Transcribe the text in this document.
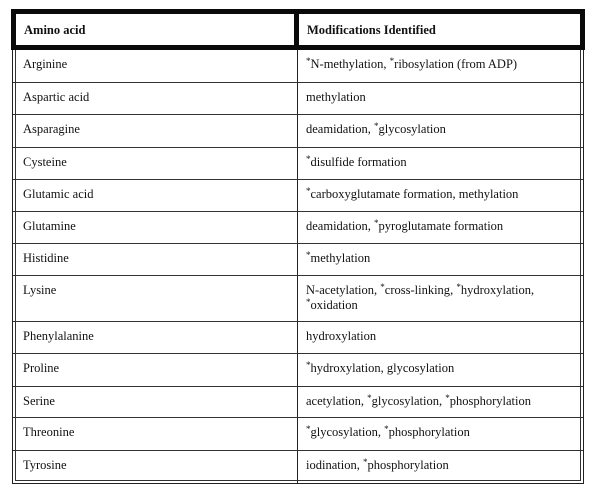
Amino acid	Modifications Identified
Arginine	*N-methylation, *ribosylation (from ADP)
Aspartic acid	methylation
Asparagine	deamidation, *glycosylation
Cysteine	*disulfide formation
Glutamic acid	*carboxyglutamate formation, methylation
Glutamine	deamidation, *pyroglutamate formation
Histidine	*methylation
Lysine	N-acetylation, *cross-linking, *hydroxylation, *oxidation
Phenylalanine	hydroxylation
Proline	*hydroxylation, glycosylation
Serine	acetylation, *glycosylation, *phosphorylation
Threonine	*glycosylation, *phosphorylation
Tyrosine	iodination, *phosphorylation
